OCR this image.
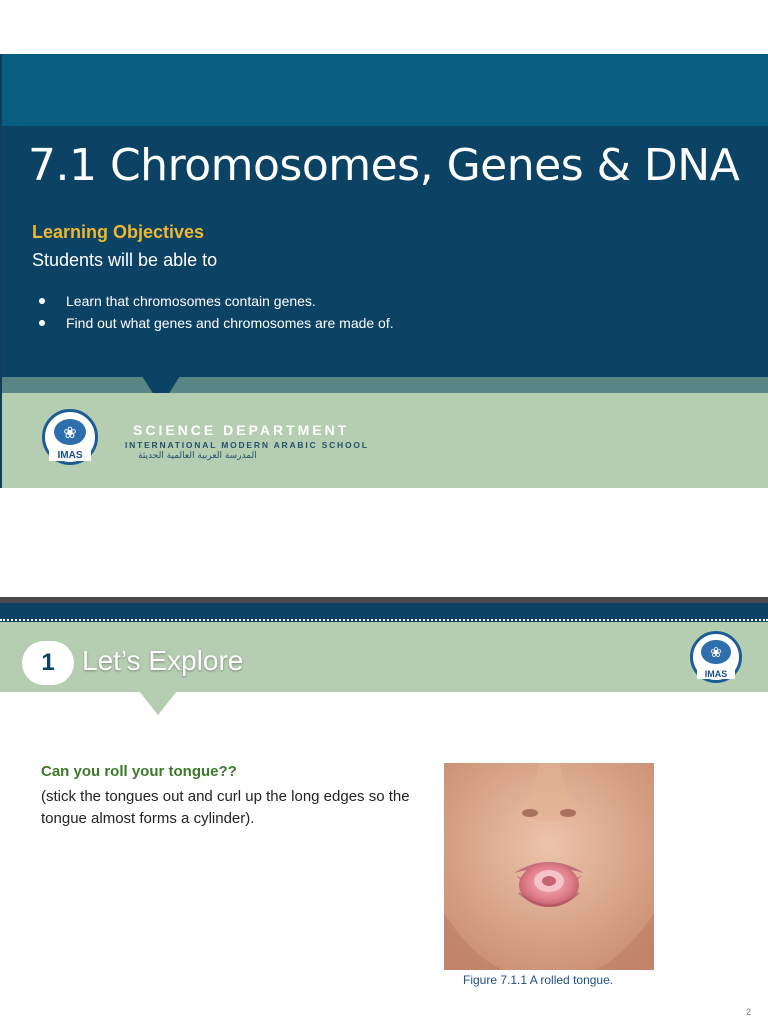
7.1 Chromosomes, Genes & DNA
Learning Objectives
Students will be able to
Learn that chromosomes contain genes.
Find out what genes and chromosomes are made of.
❀
IMAS
SCIENCE DEPARTMENT
INTERNATIONAL MODERN ARABIC SCHOOL
المدرسة العربية العالمية الحديثة
1 Let’s Explore	❀
IMAS
Can you roll your tongue??
(stick the tongues out and curl up the long edges so the tongue almost forms a cylinder).
Figure 7.1.1 A rolled tongue.
2
